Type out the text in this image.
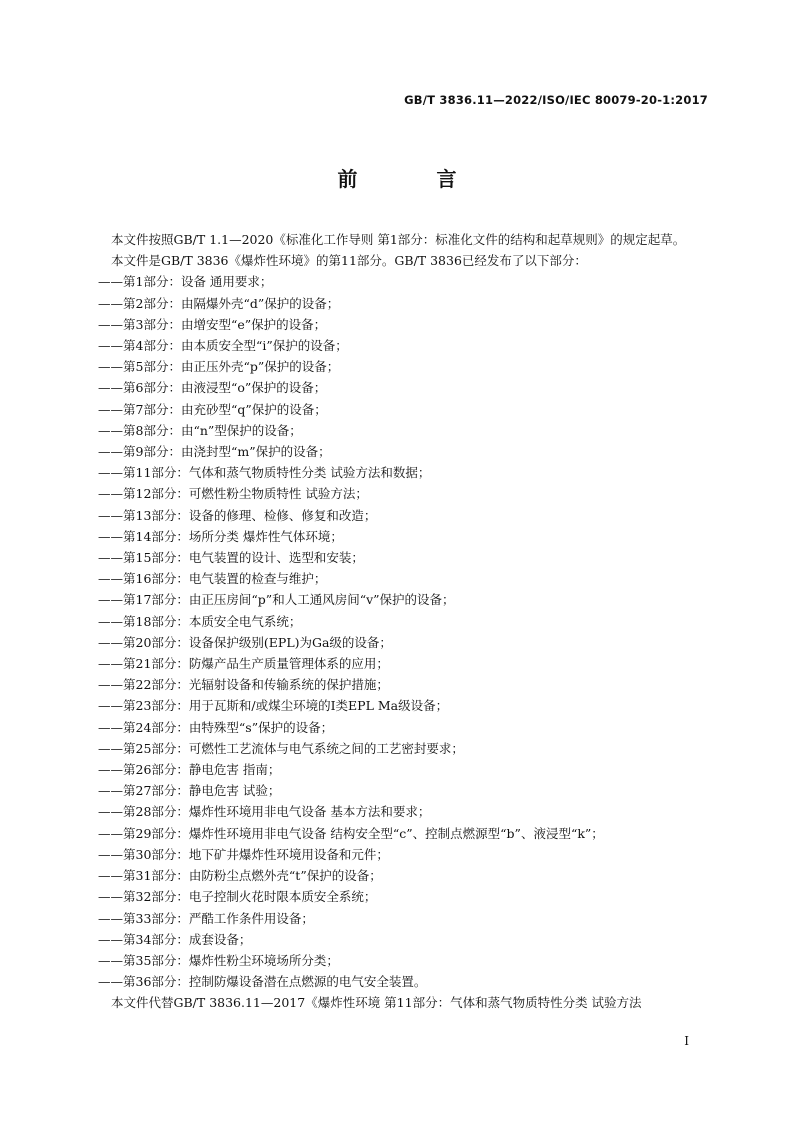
GB/T 3836.11—2022/ISO/IEC 80079-20-1:2017
前 言

本文件按照GB/T 1.1—2020《标准化工作导则 第1部分：标准化文件的结构和起草规则》的规定起草。

本文件是GB/T 3836《爆炸性环境》的第11部分。GB/T 3836已经发布了以下部分：

——第1部分：设备 通用要求；
——第2部分：由隔爆外壳“d”保护的设备；
——第3部分：由增安型“e”保护的设备；
——第4部分：由本质安全型“i”保护的设备；
——第5部分：由正压外壳“p”保护的设备；
——第6部分：由液浸型“o”保护的设备；
——第7部分：由充砂型“q”保护的设备；
——第8部分：由“n”型保护的设备；
——第9部分：由浇封型“m”保护的设备；
——第11部分：气体和蒸气物质特性分类 试验方法和数据；
——第12部分：可燃性粉尘物质特性 试验方法；
——第13部分：设备的修理、检修、修复和改造；
——第14部分：场所分类 爆炸性气体环境；
——第15部分：电气装置的设计、选型和安装；
——第16部分：电气装置的检查与维护；
——第17部分：由正压房间“p”和人工通风房间“v”保护的设备；
——第18部分：本质安全电气系统；
——第20部分：设备保护级别(EPL)为Ga级的设备；
——第21部分：防爆产品生产质量管理体系的应用；
——第22部分：光辐射设备和传输系统的保护措施；
——第23部分：用于瓦斯和/或煤尘环境的Ⅰ类EPL Ma级设备；
——第24部分：由特殊型“s”保护的设备；
——第25部分：可燃性工艺流体与电气系统之间的工艺密封要求；
——第26部分：静电危害 指南；
——第27部分：静电危害 试验；
——第28部分：爆炸性环境用非电气设备 基本方法和要求；
——第29部分：爆炸性环境用非电气设备 结构安全型“c”、控制点燃源型“b”、液浸型“k”；
——第30部分：地下矿井爆炸性环境用设备和元件；
——第31部分：由防粉尘点燃外壳“t”保护的设备；
——第32部分：电子控制火花时限本质安全系统；
——第33部分：严酷工作条件用设备；
——第34部分：成套设备；
——第35部分：爆炸性粉尘环境场所分类；
——第36部分：控制防爆设备潜在点燃源的电气安全装置。

本文件代替GB/T 3836.11—2017《爆炸性环境 第11部分：气体和蒸气物质特性分类 试验方法

I
